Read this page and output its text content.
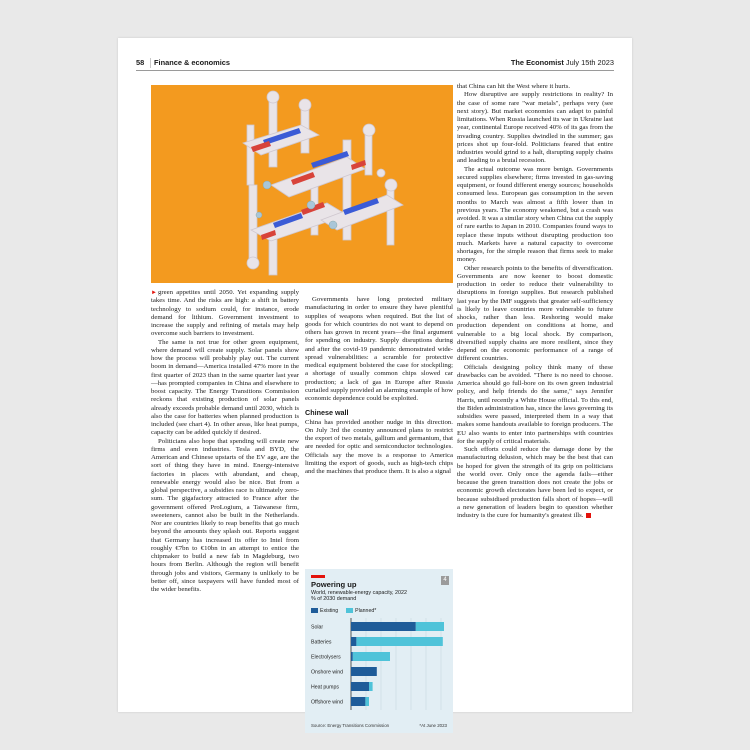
58	Finance & economics	The Economist July 15th 2023

►green appetites until 2050. Yet expanding supply takes time. And the risks are high: a shift in battery technology to sodium could, for instance, erode demand for lithium. Government investment to increase the supply and refining of metals may help overcome such barriers to investment.

The same is not true for other green equipment, where demand will create supply. Solar panels show how the process will probably play out. The current boom in demand—America installed 47% more in the first quarter of 2023 than in the same quarter last year—has prompted companies in China and elsewhere to boost capacity. The Energy Transitions Commission reckons that existing production of solar panels already exceeds probable demand until 2030, which is also the case for batteries when planned production is included (see chart 4). In other areas, like heat pumps, capacity can be added quickly if desired.

Politicians also hope that spending will create new firms and even industries. Tesla and BYD, the American and Chinese upstarts of the EV age, are the sort of thing they have in mind. Energy-intensive factories in places with abundant, and cheap, renewable energy would also be nice. But from a global perspective, a subsidies race is ultimately zero-sum. The gigafactory attracted to France after the government offered ProLogium, a Taiwanese firm, sweeteners, cannot also be built in the Netherlands. Nor are countries likely to reap benefits that go much beyond the amounts they splash out. Reports suggest that Germany has increased its offer to Intel from roughly €7bn to €10bn in an attempt to entice the chipmaker to build a new fab in Magdeburg, two hours from Berlin. Although the region will benefit through jobs and visitors, Germany is unlikely to be better off, since taxpayers will have funded most of the wider benefits.

Governments have long protected military manufacturing in order to ensure they have plentiful supplies of weapons when required. But the list of goods for which countries do not want to depend on others has grown in recent years—the final argument for spending on industry. Supply disruptions during and after the covid-19 pandemic demonstrated wide-spread vulnerabilities: a scramble for protective medical equipment bolstered the case for stockpiling; a shortage of usually common chips slowed car production; a lack of gas in Europe after Russia curtailed supply provided an alarming example of how economic dependence could be exploited.

Chinese wall

China has provided another nudge in this direction. On July 3rd the country announced plans to restrict the export of two metals, gallium and germanium, that are needed for optic and semiconductor technologies. Officials say the move is a response to America limiting the export of goods, such as high-tech chips and the machines that produce them. It is also a signal

Powering up	4
World, renewable-energy capacity, 2022
% of 2030 demand
Existing	Planned*
Solar
Batteries
Electrolysers
Onshore wind
Heat pumps
Offshore wind
Source: Energy Transitions Commission	*At June 2023

that China can hit the West where it hurts.

How disruptive are supply restrictions in reality? In the case of some rare "war metals", perhaps very (see next story). But market economies can adapt to painful limitations. When Russia launched its war in Ukraine last year, continental Europe received 40% of its gas from the invading country. Supplies dwindled in the summer; gas prices shot up four-fold. Politicians feared that entire industries would grind to a halt, disrupting supply chains and leading to a brutal recession.

The actual outcome was more benign. Governments secured supplies elsewhere; firms invested in gas-saving equipment, or found different energy sources; households consumed less. European gas consumption in the seven months to March was almost a fifth lower than in previous years. The economy weakened, but a crash was avoided. It was a similar story when China cut the supply of rare earths to Japan in 2010. Companies found ways to replace these inputs without disrupting production too much. Markets have a natural capacity to overcome shortages, for the simple reason that firms seek to make money.

Other research points to the benefits of diversification. Governments are now keener to boost domestic production in order to reduce their vulnerability to disruptions in foreign supplies. But research published last year by the IMF suggests that greater self-sufficiency is likely to leave countries more vulnerable to future shocks, rather than less. Reshoring would make production dependent on conditions at home, and vulnerable to a big local shock. By comparison, diversified supply chains are more resilient, since they depend on the economic performance of a range of different countries.

Officials designing policy think many of these drawbacks can be avoided. "There is no need to choose. America should go full-bore on its own green industrial policy, and help friends do the same," says Jennifer Harris, until recently a White House official. To this end, the Biden administration has, since the laws governing its subsidies were passed, interpreted them in a way that makes some handouts available to foreign producers. The EU also wants to enter into partnerships with countries for the supply of critical materials.

Such efforts could reduce the damage done by the manufacturing delusion, which may be the best that can be hoped for given the strength of its grip on politicians the world over. Only once the agenda fails—either because the green transition does not create the jobs or economic growth electorates have been led to expect, or because subsidised production falls short of hopes—will a new generation of leaders begin to question whether industry is the cure for humanity's greatest ills.
